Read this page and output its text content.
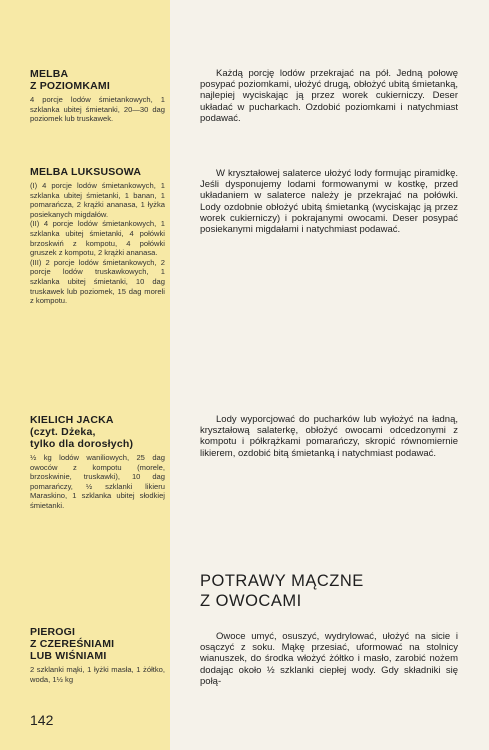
MELBA
Z POZIOMKAMI

4 porcje lodów śmietankowych, 1 szklanka ubitej śmietanki, 20—30 dag poziomek lub truskawek.

MELBA LUKSUSOWA

(I) 4 porcje lodów śmietankowych, 1 szklanka ubitej śmietanki, 1 banan, 1 pomarańcza, 2 krążki ananasa, 1 łyżka posiekanych migdałów.

(II) 4 porcje lodów śmietankowych, 1 szklanka ubitej śmietanki, 4 połówki brzoskwiń z kompotu, 4 połówki gruszek z kompotu, 2 krążki ananasa.

(III) 2 porcje lodów śmietankowych, 2 porcje lodów truskawkowych, 1 szklanka ubitej śmietanki, 10 dag truskawek lub poziomek, 15 dag moreli z kompotu.

KIELICH JACKA
(czyt. Dżeka,
tylko dla dorosłych)

½ kg lodów waniliowych, 25 dag owoców z kompotu (morele, brzoskwinie, truskawki), 10 dag pomarańczy, ½ szklanki likieru Maraskino, 1 szklanka ubitej słodkiej śmietanki.

PIEROGI
Z CZEREŚNIAMI
LUB WIŚNIAMI

2 szklanki mąki, 1 łyżki masła, 1 żółtko, woda, 1½ kg

Każdą porcję lodów przekrajać na pół. Jedną połowę posypać poziomkami, ułożyć drugą, obłożyć ubitą śmietanką, najlepiej wyciskając ją przez worek cukierniczy. Deser układać w pucharkach. Ozdobić poziomkami i natychmiast podawać.

W kryształowej salaterce ułożyć lody formując piramidkę. Jeśli dysponujemy lodami formowanymi w kostkę, przed układaniem w salaterce należy je przekrajać na połówki. Lody ozdobnie obłożyć ubitą śmietanką (wyciskając ją przez worek cukierniczy) i pokrajanymi owocami. Deser posypać posiekanymi migdałami i natychmiast podawać.

Lody wyporcjować do pucharków lub wyłożyć na ładną, kryształową salaterkę, obłożyć owocami odcedzonymi z kompotu i półkrążkami pomarańczy, skropić równomiernie likierem, ozdobić bitą śmietanką i natychmiast podawać.

POTRAWY MĄCZNE
Z OWOCAMI

Owoce umyć, osuszyć, wydrylować, ułożyć na sicie i osączyć z soku. Mąkę przesiać, uformować na stolnicy wianuszek, do środka włożyć żółtko i masło, zarobić nożem dodając około ½ szklanki ciepłej wody. Gdy składniki się połą-

142
